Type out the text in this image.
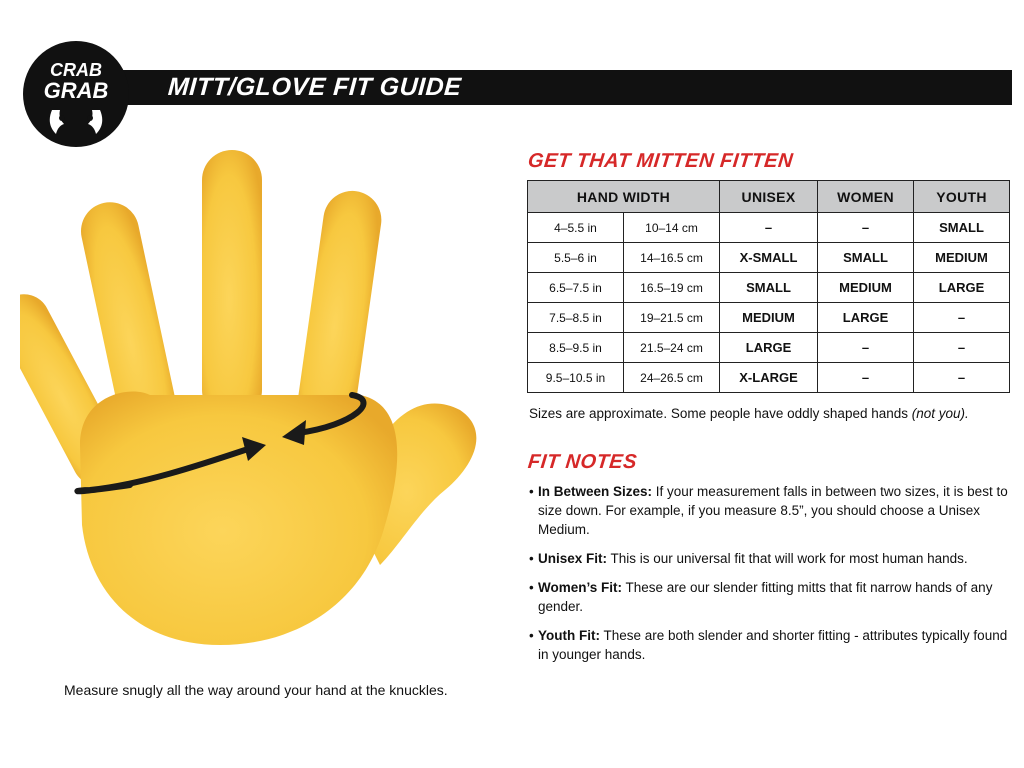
CRAB
GRAB MITT/GLOVE FIT GUIDE
Measure snugly all the way around your hand at the knuckles.
GET THAT MITTEN FITTEN
HAND WIDTH		UNISEX	WOMEN	YOUTH
4–5.5 in	10–14 cm	–	–	SMALL
5.5–6 in	14–16.5 cm	X-SMALL	SMALL	MEDIUM
6.5–7.5 in	16.5–19 cm	SMALL	MEDIUM	LARGE
7.5–8.5 in	19–21.5 cm	MEDIUM	LARGE	–
8.5–9.5 in	21.5–24 cm	LARGE	–	–
9.5–10.5 in	24–26.5 cm	X-LARGE	–	–
Sizes are approximate. Some people have oddly shaped hands (not you).
FIT NOTES
• In Between Sizes: If your measurement falls in between two sizes, it is best to size down. For example, if you measure 8.5”, you should choose a Unisex Medium.
• Unisex Fit: This is our universal fit that will work for most human hands.
• Women’s Fit: These are our slender fitting mitts that fit narrow hands of any gender.
• Youth Fit: These are both slender and shorter fitting - attributes typically found in younger hands.
